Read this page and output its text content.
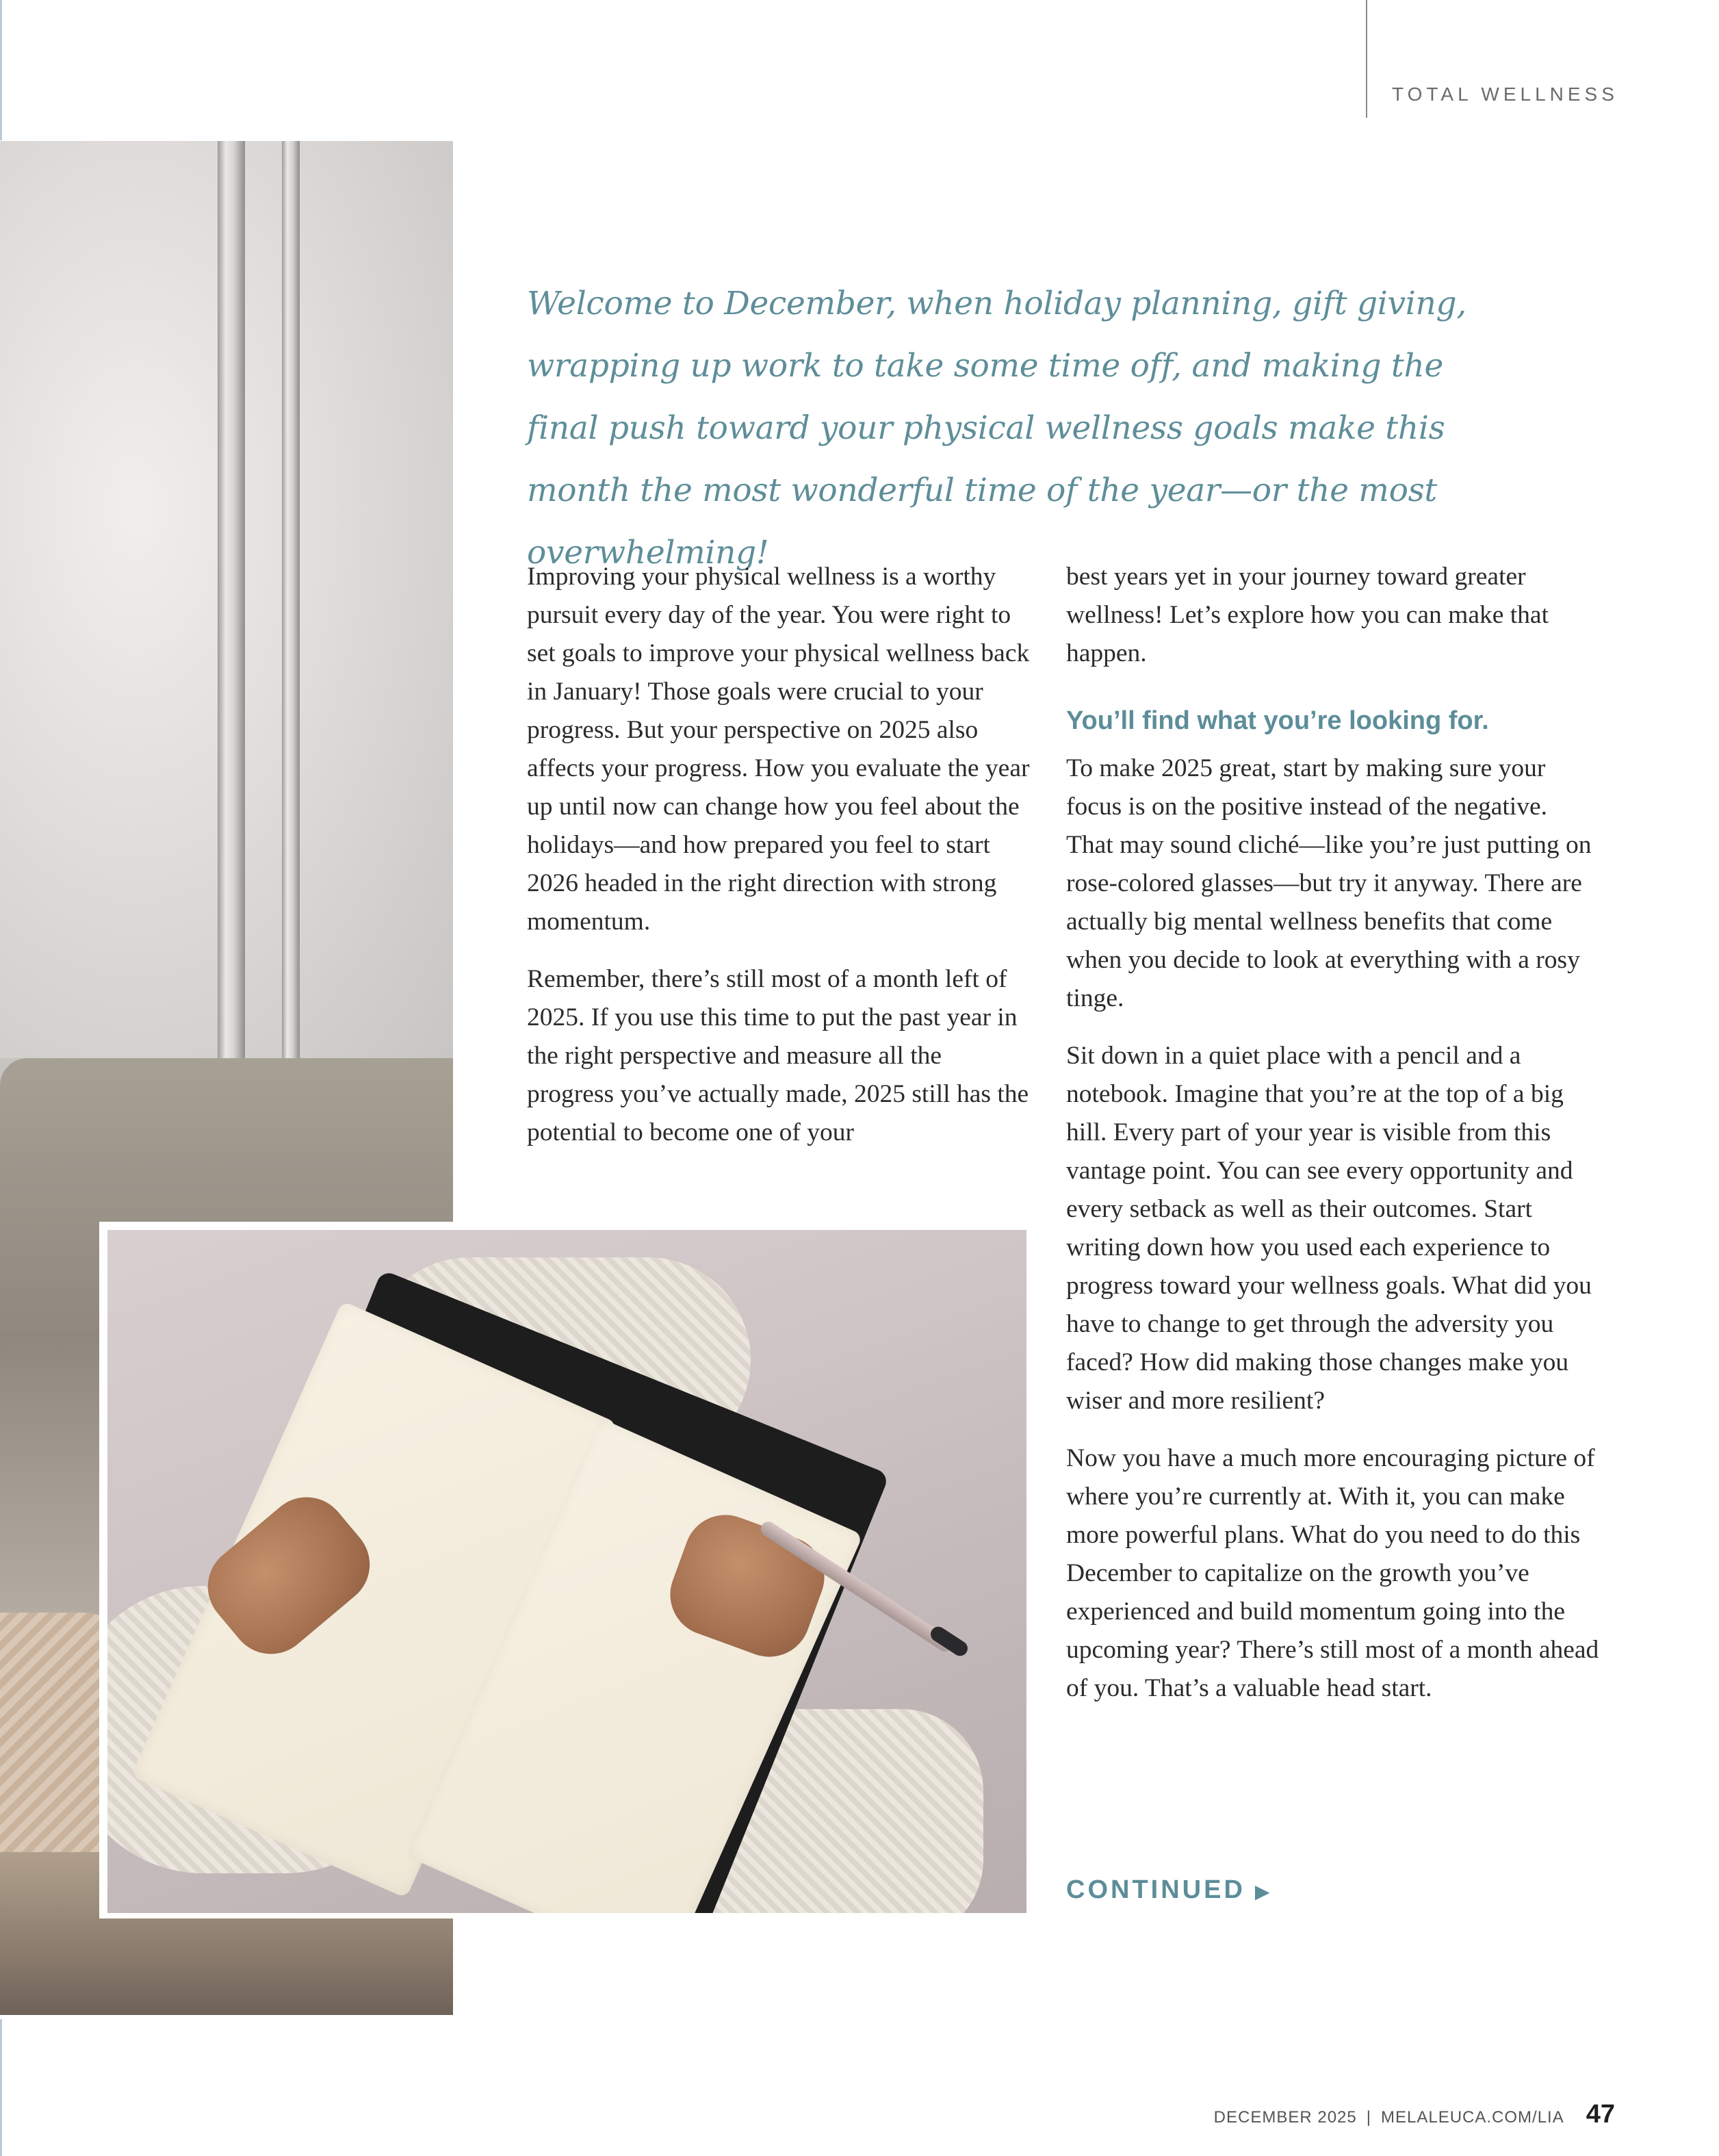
TOTAL WELLNESS
Welcome to December, when holiday planning, gift giving, wrapping up work to take some time off, and making the final push toward your physical wellness goals make this month the most wonderful time of the year—or the most overwhelming!

Improving your physical wellness is a worthy pursuit every day of the year. You were right to set goals to improve your physical wellness back in January! Those goals were crucial to your progress. But your perspective on 2025 also affects your progress. How you evaluate the year up until now can change how you feel about the holidays—and how prepared you feel to start 2026 headed in the right direction with strong momentum.

Remember, there’s still most of a month left of 2025. If you use this time to put the past year in the right perspective and measure all the progress you’ve actually made, 2025 still has the potential to become one of your

best years yet in your journey toward greater wellness! Let’s explore how you can make that happen.

You’ll find what you’re looking for.

To make 2025 great, start by making sure your focus is on the positive instead of the negative. That may sound cliché—like you’re just putting on rose-colored glasses—but try it anyway. There are actually big mental wellness benefits that come when you decide to look at everything with a rosy tinge.

Sit down in a quiet place with a pencil and a notebook. Imagine that you’re at the top of a big hill. Every part of your year is visible from this vantage point. You can see every opportunity and every setback as well as their outcomes. Start writing down how you used each experience to progress toward your wellness goals. What did you have to change to get through the adversity you faced? How did making those changes make you wiser and more resilient?

Now you have a much more encouraging picture of where you’re currently at. With it, you can make more powerful plans. What do you need to do this December to capitalize on the growth you’ve experienced and build momentum going into the upcoming year? There’s still most of a month ahead of you. That’s a valuable head start.

CONTINUED ▶
DECEMBER 2025 | MELALEUCA.COM/LIA 47
